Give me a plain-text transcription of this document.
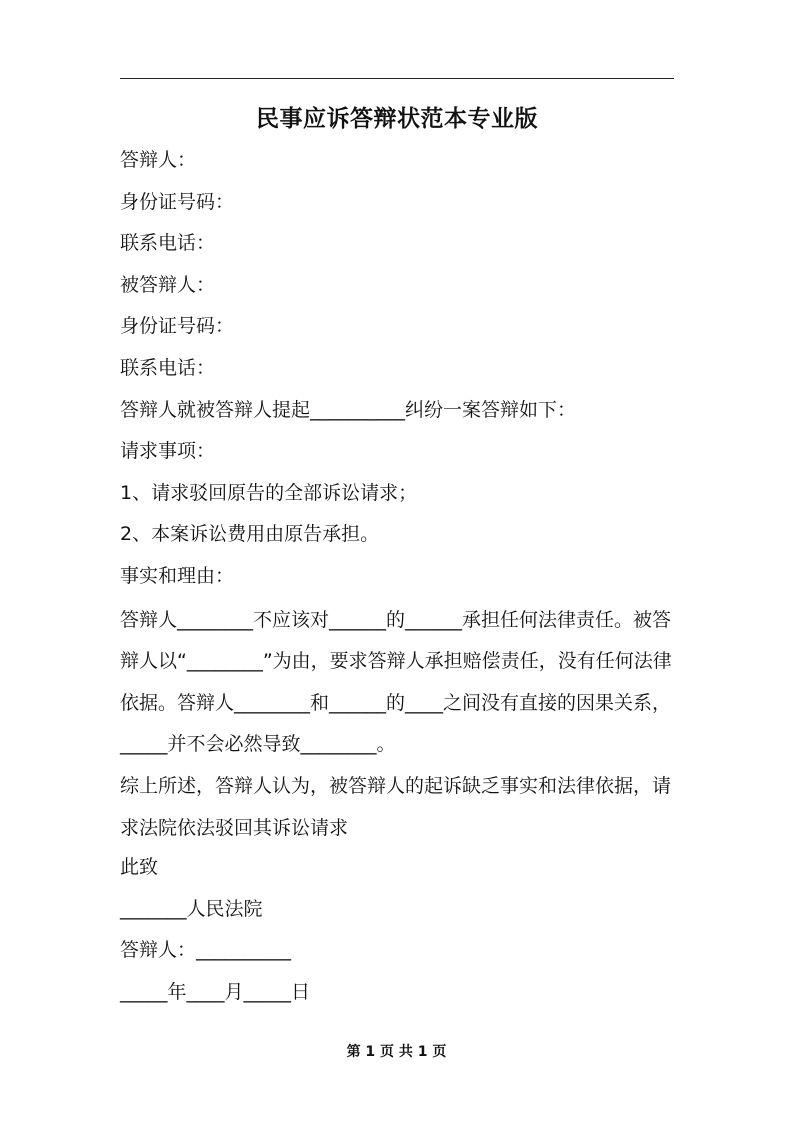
民事应诉答辩状范本专业版
答辩人：
身份证号码：
联系电话：
被答辩人：
身份证号码：
联系电话：
答辩人就被答辩人提起__________纠纷一案答辩如下：
请求事项：
1、请求驳回原告的全部诉讼请求；
2、本案诉讼费用由原告承担。
事实和理由：
答辩人________不应该对______的______承担任何法律责任。被答辩人以“________”为由，要求答辩人承担赔偿责任，没有任何法律依据。答辩人________和______的____之间没有直接的因果关系，_____并不会必然导致________。
综上所述，答辩人认为，被答辩人的起诉缺乏事实和法律依据，请求法院依法驳回其诉讼请求
此致
_______人民法院
答辩人：__________
_____年____月_____日
第 1 页 共 1 页
